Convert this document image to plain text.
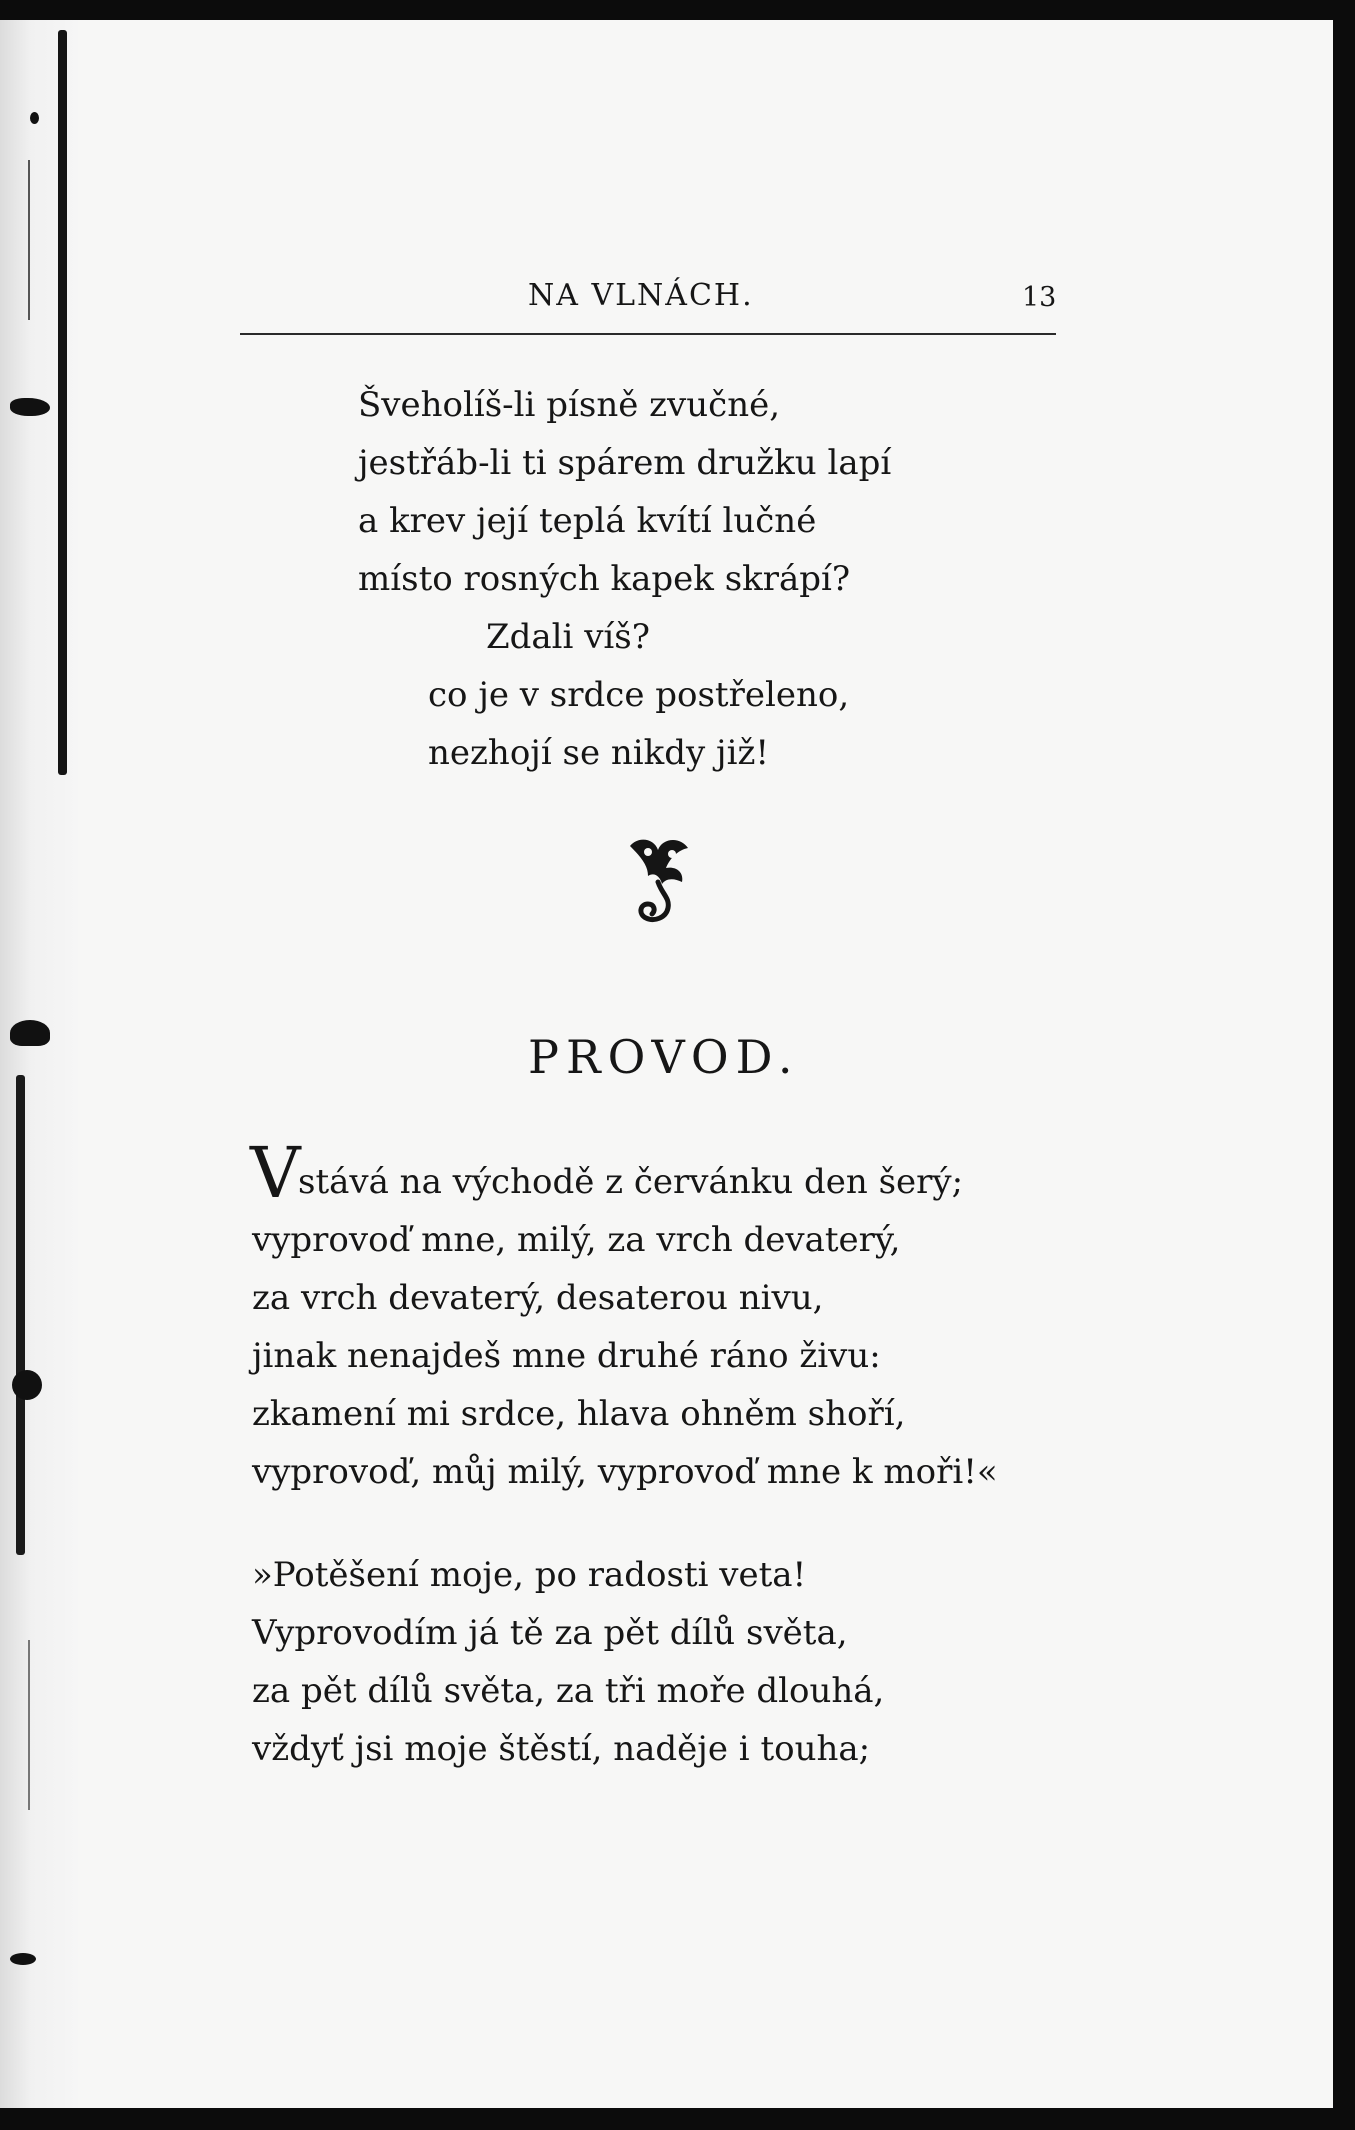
NA VLNÁCH.	13
Šveholíš-li písně zvučné,
jestřáb-li ti spárem družku lapí
a krev její teplá kvítí lučné
místo rosných kapek skrápí?
Zdali víš?
co je v srdce postřeleno,
nezhojí se nikdy již!
PROVOD.
V
stává na východě z červánku den šerý;
vyprovoď mne, milý, za vrch devaterý,
za vrch devaterý, desaterou nivu,
jinak nenajdeš mne druhé ráno živu:
zkamení mi srdce, hlava ohněm shoří,
vyprovoď, můj milý, vyprovoď mne k moři!«
»Potěšení moje, po radosti veta!
Vyprovodím já tě za pět dílů světa,
za pět dílů světa, za tři moře dlouhá,
vždyť jsi moje štěstí, naděje i touha;
